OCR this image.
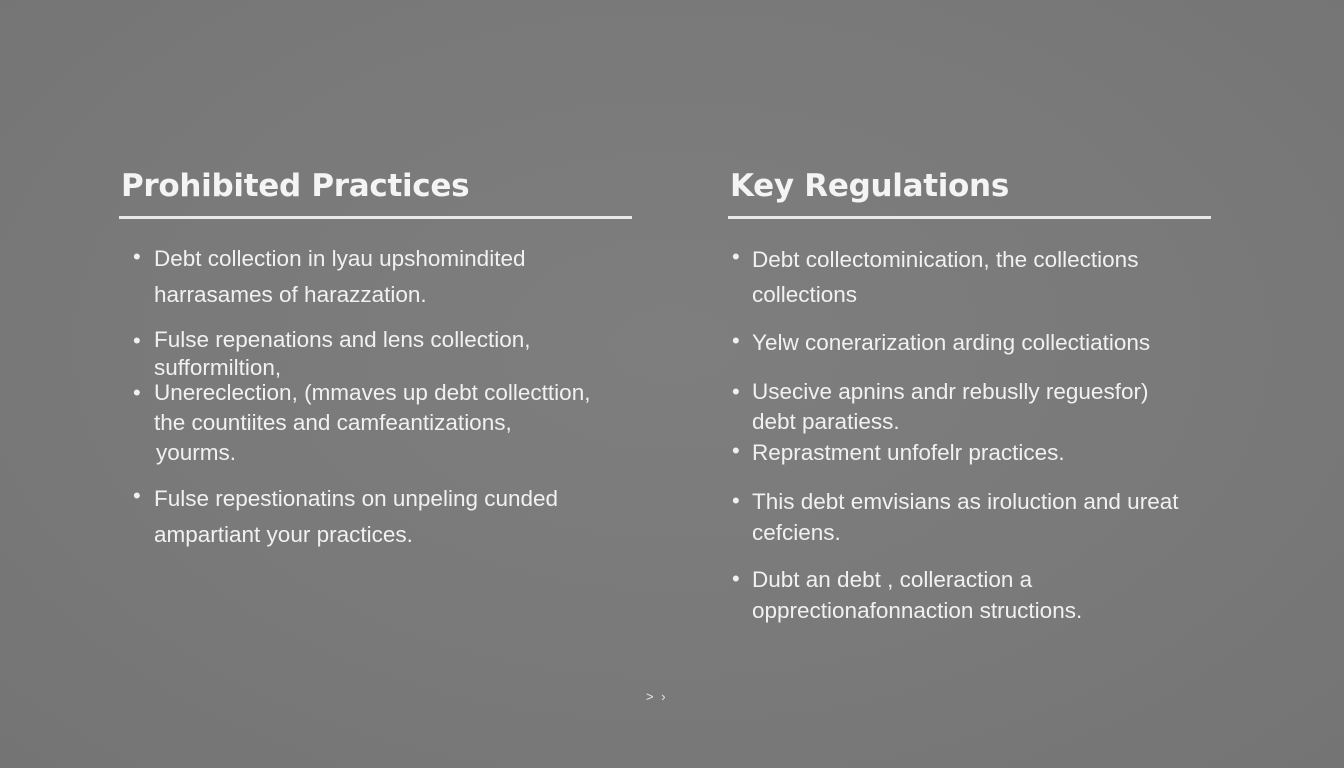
Prohibited Practices
• Debt collection in lyau upshomindited
harrasames of harazzation.
• Fulse repenations and lens collection,
sufformiltion,
• Unereclection, (mmaves up debt colleсttion,
the countiites and camfeantizations,
yourms.
• Fulse repestionatins on unpeling cunded
ampartiant your practices.
Key Regulations
• Debt collectominication, the collections
collections
• Yelw conerarization arding collectiations
• Usecive apnins andr rebuslly reguesfor)
debt paratiess.
• Reprastment unfofelr practices.
• This debt emvisians as iroluction and ureat
cefciens.
• Dubt an debt , colleraction a
opprectionafonnaction structions.
> ›
